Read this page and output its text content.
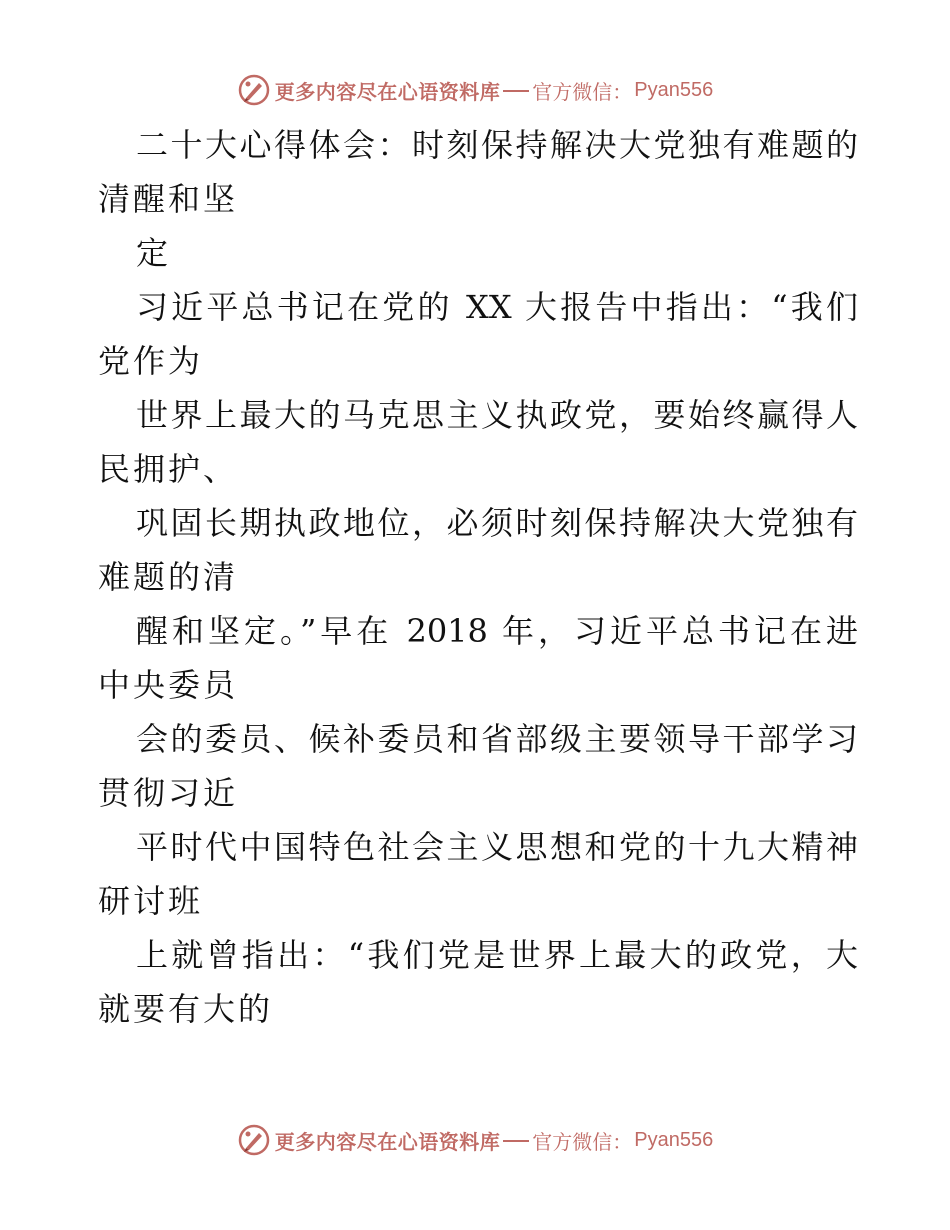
更多内容尽在心语资料库 官方微信： Pyan556
二十大心得体会：时刻保持解决大党独有难题的
清醒和坚
定
习近平总书记在党的 XX 大报告中指出：“我们
党作为
世界上最大的马克思主义执政党，要始终赢得人
民拥护、
巩固长期执政地位，必须时刻保持解决大党独有
难题的清
醒和坚定。”早在 2018 年，习近平总书记在进
中央委员
会的委员、候补委员和省部级主要领导干部学习
贯彻习近
平时代中国特色社会主义思想和党的十九大精神
研讨班
上就曾指出：“我们党是世界上最大的政党，大
就要有大的
更多内容尽在心语资料库 官方微信： Pyan556
